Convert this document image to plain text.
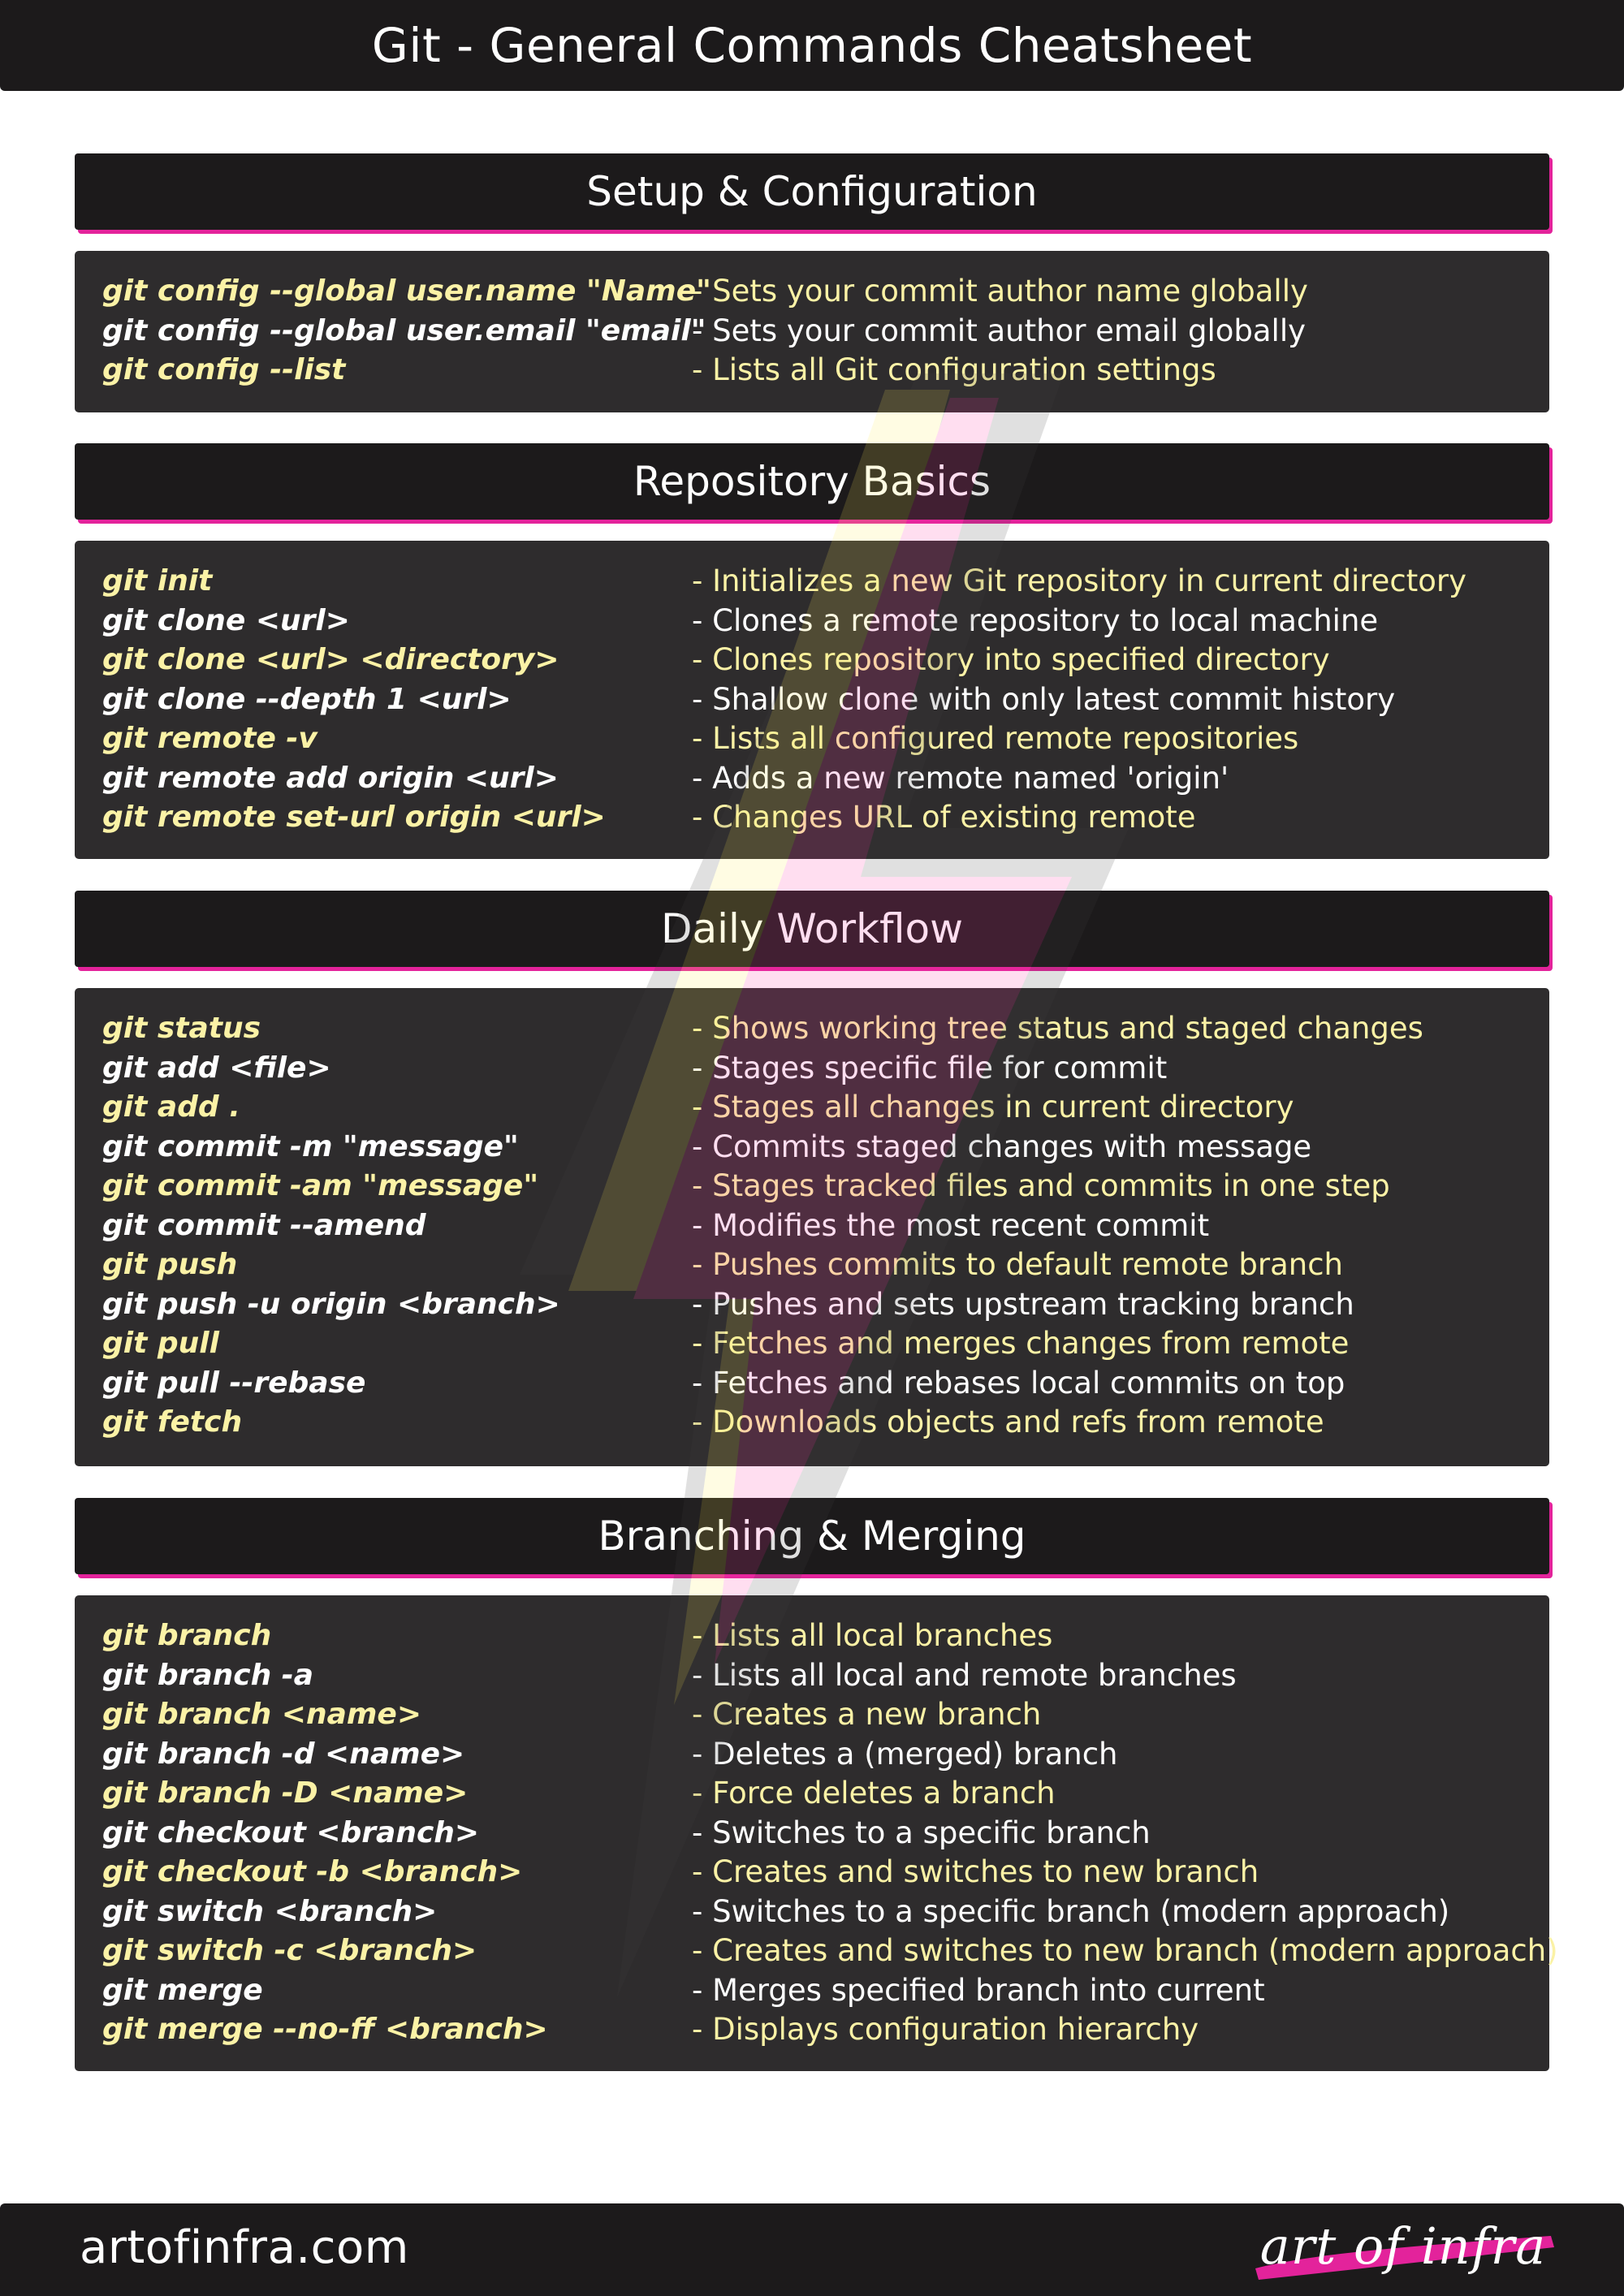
Git - General Commands Cheatsheet
Setup & Configuration
git config --global user.name "Name"
- Sets your commit author name globally
git config --global user.email "email"
- Sets your commit author email globally
git config --list	- Lists all Git configuration settings
Repository Basics
git init	- Initializes a new Git repository in current directory
git clone <url>	- Clones a remote repository to local machine
git clone <url> <directory>	- Clones repository into specified directory
git clone --depth 1 <url>	- Shallow clone with only latest commit history
git remote -v	- Lists all configured remote repositories
git remote add origin <url>	- Adds a new remote named 'origin'
git remote set-url origin <url>	- Changes URL of existing remote
Daily Workflow
git status	- Shows working tree status and staged changes
git add <file>	- Stages specific file for commit
git add .	- Stages all changes in current directory
git commit -m "message"	- Commits staged changes with message
git commit -am "message"	- Stages tracked files and commits in one step
git commit --amend	- Modifies the most recent commit
git push	- Pushes commits to default remote branch
git push -u origin <branch>	- Pushes and sets upstream tracking branch
git pull	- Fetches and merges changes from remote
git pull --rebase	- Fetches and rebases local commits on top
git fetch	- Downloads objects and refs from remote
Branching & Merging
git branch	- Lists all local branches
git branch -a	- Lists all local and remote branches
git branch <name>	- Creates a new branch
git branch -d <name>	- Deletes a (merged) branch
git branch -D <name>	- Force deletes a branch
git checkout <branch>	- Switches to a specific branch
git checkout -b <branch>	- Creates and switches to new branch
git switch <branch>	- Switches to a specific branch (modern approach)
git switch -c <branch>	- Creates and switches to new branch (modern approach)
git merge	- Merges specified branch into current
git merge --no-ff <branch>	- Displays configuration hierarchy
artofinfra.com	art of infra
